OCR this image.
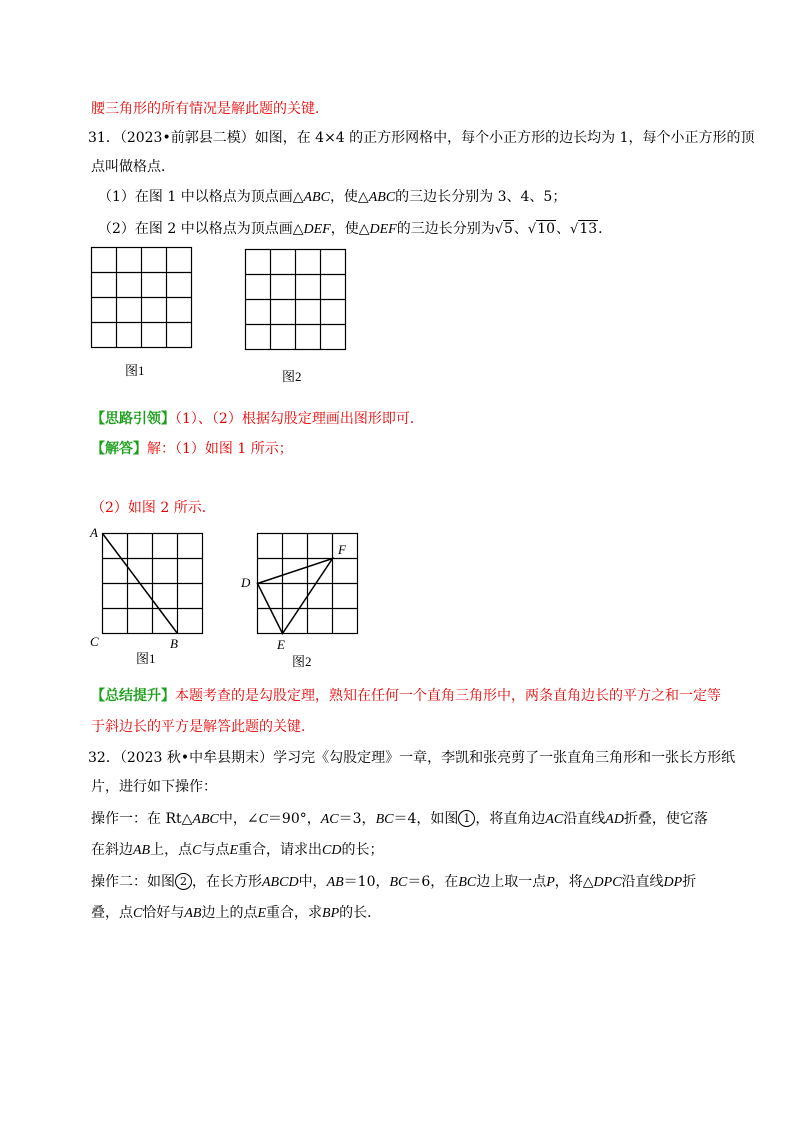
腰三角形的所有情况是解此题的关键．
31．（2023•前郭县二模）如图，在 4×4 的正方形网格中，每个小正方形的边长均为 1，每个小正方形的顶
点叫做格点．
（1）在图 1 中以格点为顶点画△ABC，使△ABC的三边长分别为 3、4、5；
（2）在图 2 中以格点为顶点画△DEF，使△DEF的三边长分别为√5、√10、√13．
图1	图2
【思路引领】（1）、（2）根据勾股定理画出图形即可．
【解答】解：（1）如图 1 所示；
（2）如图 2 所示．
A
C	B
图1
D
F
E
图2
【总结提升】本题考查的是勾股定理，熟知在任何一个直角三角形中，两条直角边长的平方之和一定等
于斜边长的平方是解答此题的关键．
32．（2023 秋•中牟县期末）学习完《勾股定理》一章，李凯和张亮剪了一张直角三角形和一张长方形纸
片，进行如下操作：
操作一：在 Rt△ABC中，∠C＝90°，AC＝3，BC＝4，如图 1 ，将直角边AC沿直线AD折叠，使它落
在斜边AB上，点C与点E重合，请求出CD的长；
操作二：如图 2 ，在长方形ABCD中，AB＝10，BC＝6，在BC边上取一点P，将△DPC沿直线DP折
叠，点C恰好与AB边上的点E重合，求BP的长．
